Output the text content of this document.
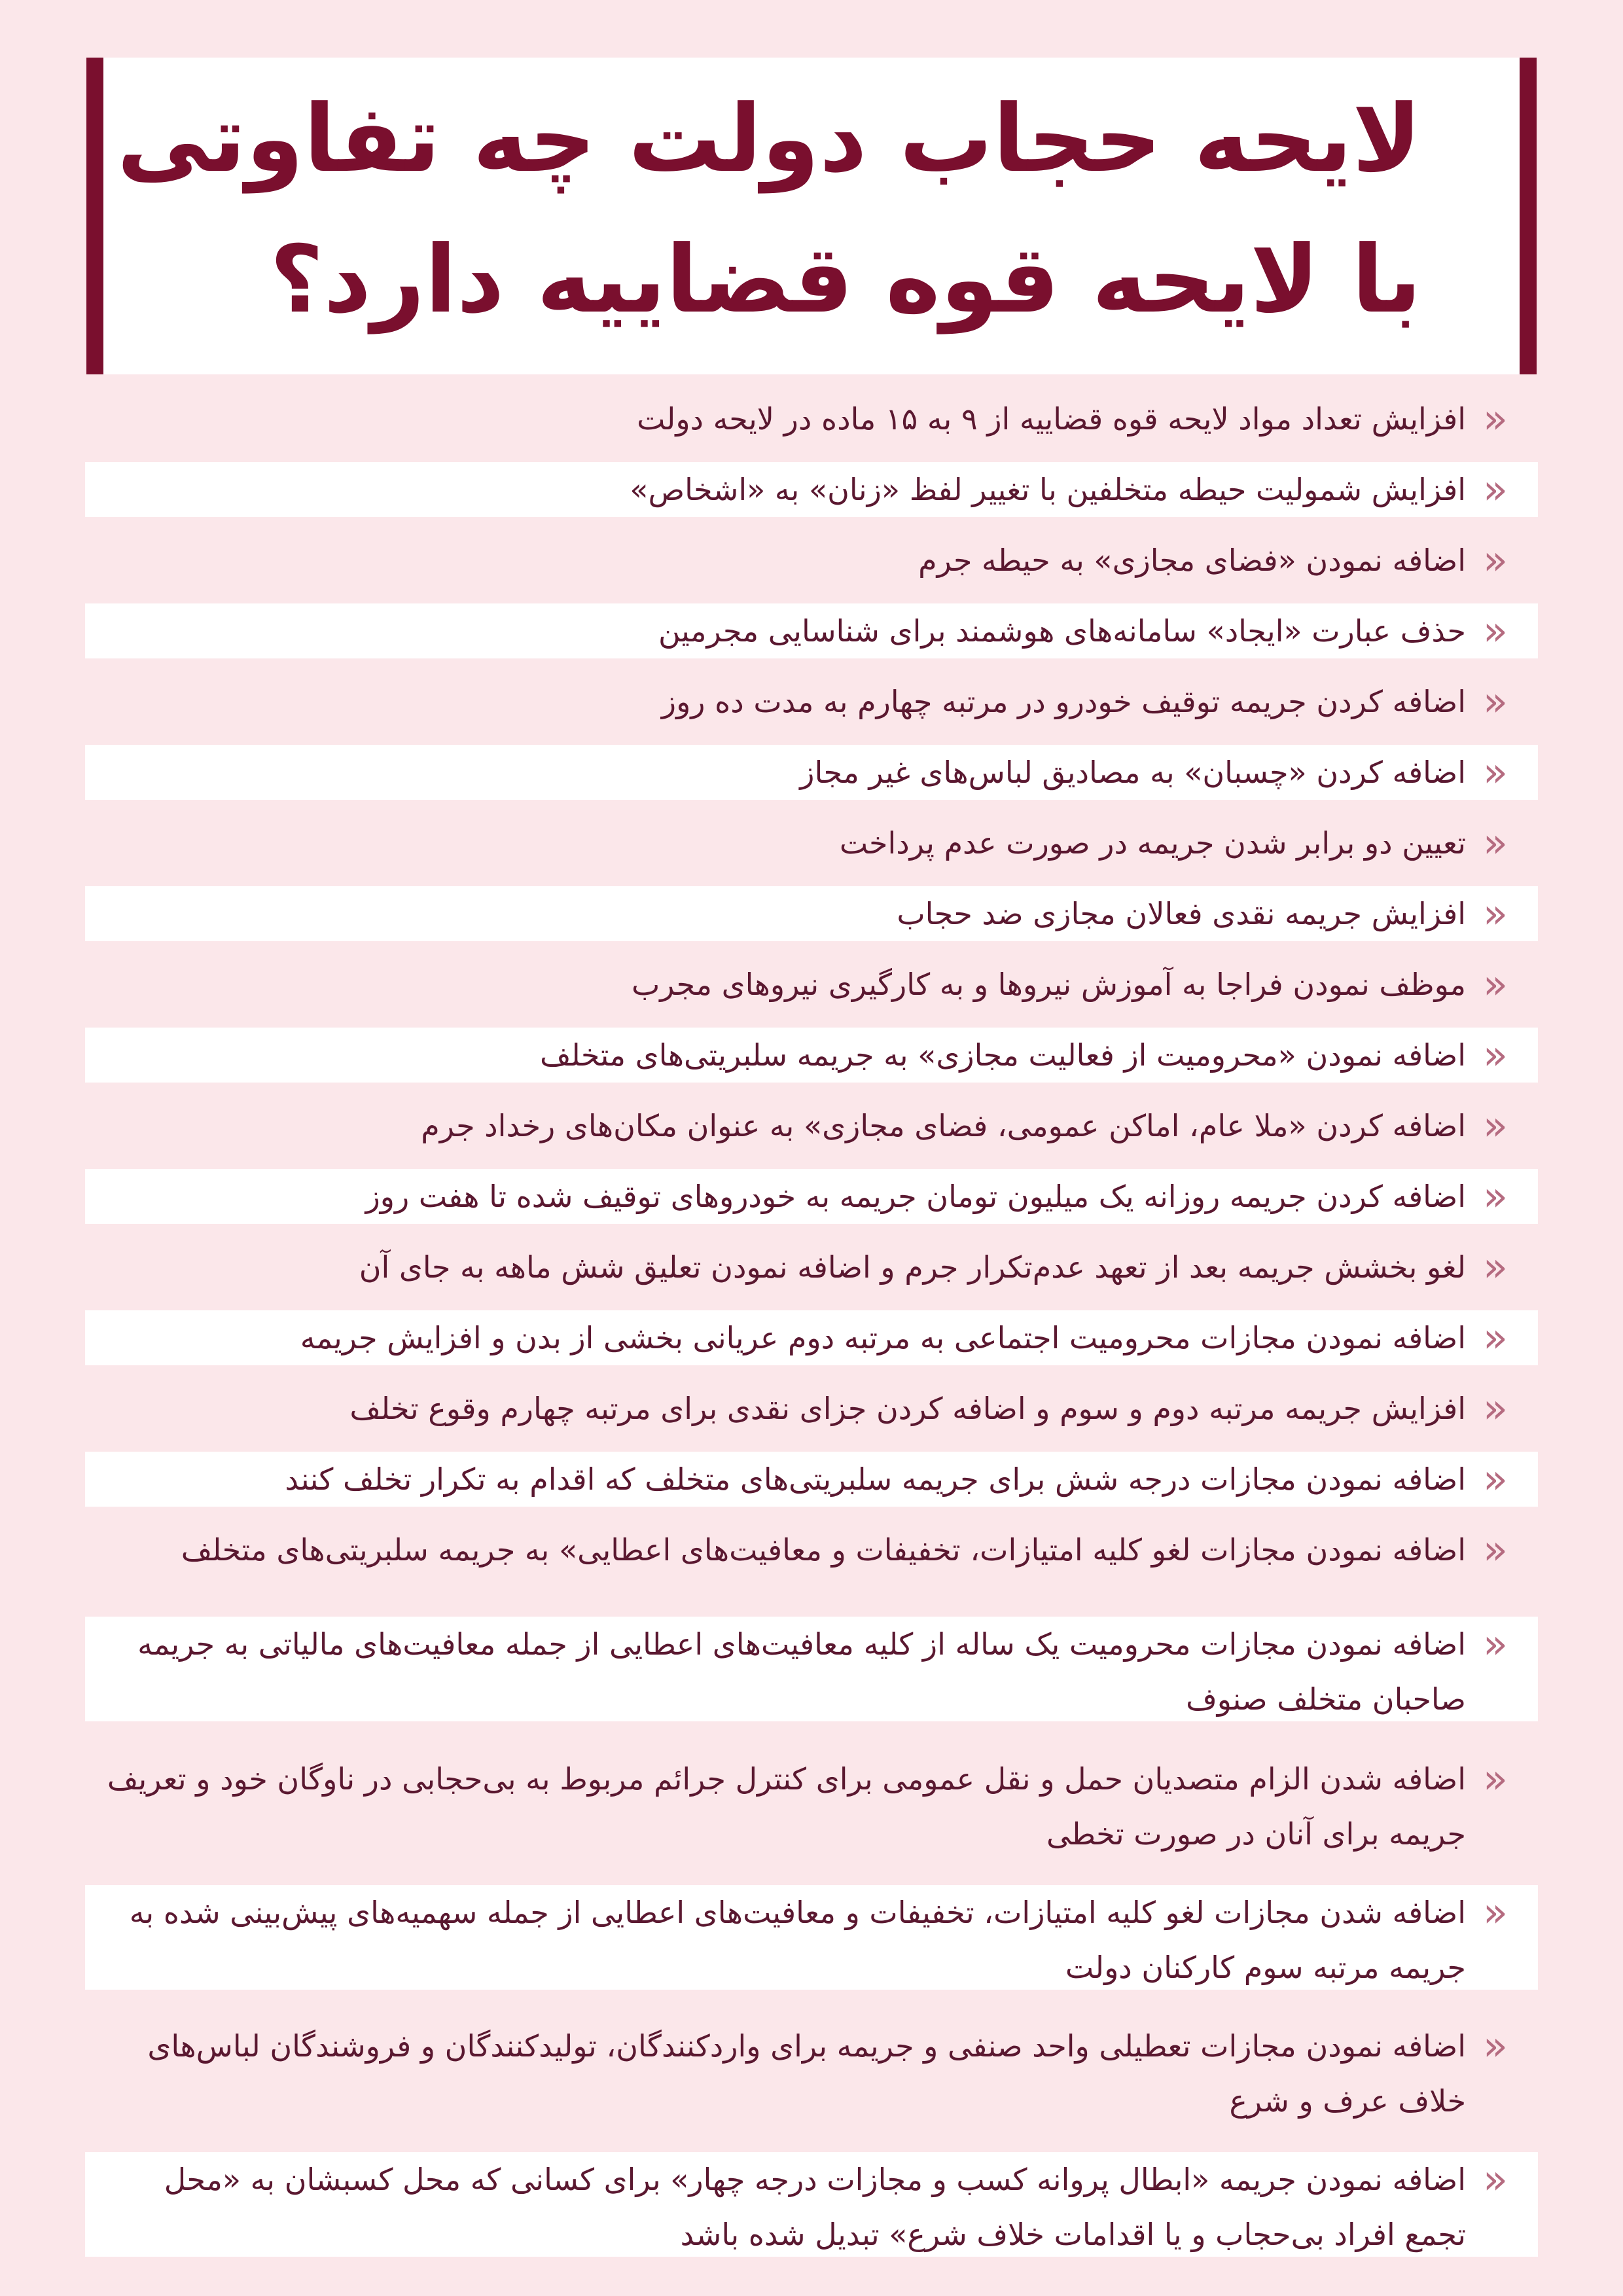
لایحه حجاب دولت چه تفاوتی
با لایحه قوه قضاییه دارد؟
«
افزایش تعداد مواد لایحه قوه قضاییه از ۹ به ۱۵ ماده در لایحه دولت
«
افزایش شمولیت حیطه متخلفین با تغییر لفظ «زنان» به «اشخاص»
«
اضافه نمودن «فضای مجازی» به حیطه جرم
«
حذف عبارت «ایجاد» سامانه‌های هوشمند برای شناسایی مجرمین
«
اضافه کردن جریمه توقیف خودرو در مرتبه چهارم به مدت ده روز
«
اضافه کردن «چسبان» به مصادیق لباس‌های غیر مجاز
«
تعیین دو برابر شدن جریمه در صورت عدم پرداخت
«
افزایش جریمه نقدی فعالان مجازی ضد حجاب
«
موظف نمودن فراجا به آموزش نیروها و به کارگیری نیروهای مجرب
«
اضافه نمودن «محرومیت از فعالیت مجازی» به جریمه سلبریتی‌های متخلف
«
اضافه کردن «ملا عام، اماکن عمومی، فضای مجازی» به عنوان مکان‌های رخداد جرم
«
اضافه کردن جریمه روزانه یک میلیون تومان جریمه به خودروهای توقیف شده تا هفت روز
«
لغو بخشش جریمه بعد از تعهد عدم‌تکرار جرم و اضافه نمودن تعلیق شش ماهه به جای آن
«
اضافه نمودن مجازات محرومیت اجتماعی به مرتبه دوم عریانی بخشی از بدن و افزایش جریمه
«
افزایش جریمه مرتبه دوم و سوم و اضافه کردن جزای نقدی برای مرتبه چهارم وقوع تخلف
«
اضافه نمودن مجازات درجه شش برای جریمه سلبریتی‌های متخلف که اقدام به تکرار تخلف کنند
«
اضافه نمودن مجازات لغو کلیه امتیازات، تخفیفات و معافیت‌های اعطایی» به جریمه سلبریتی‌های متخلف
«
اضافه نمودن مجازات محرومیت یک ساله از کلیه معافیت‌های اعطایی از جمله معافیت‌های مالیاتی به جریمه صاحبان متخلف صنوف
«
اضافه شدن الزام متصدیان حمل و نقل عمومی برای کنترل جرائم مربوط به بی‌حجابی در ناوگان خود و تعریف جریمه برای آنان در صورت تخطی
«
اضافه شدن مجازات لغو کلیه امتیازات، تخفیفات و معافیت‌های اعطایی از جمله سهمیه‌های پیش‌بینی شده به جریمه مرتبه سوم کارکنان دولت
«
اضافه نمودن مجازات تعطیلی واحد صنفی و جریمه برای واردکنندگان، تولیدکنندگان و فروشندگان لباس‌های خلاف عرف و شرع
«
اضافه نمودن جریمه «ابطال پروانه کسب و مجازات درجه چهار» برای کسانی که محل کسبشان به «محل تجمع افراد بی‌حجاب و یا اقدامات خلاف شرع» تبدیل شده باشد
